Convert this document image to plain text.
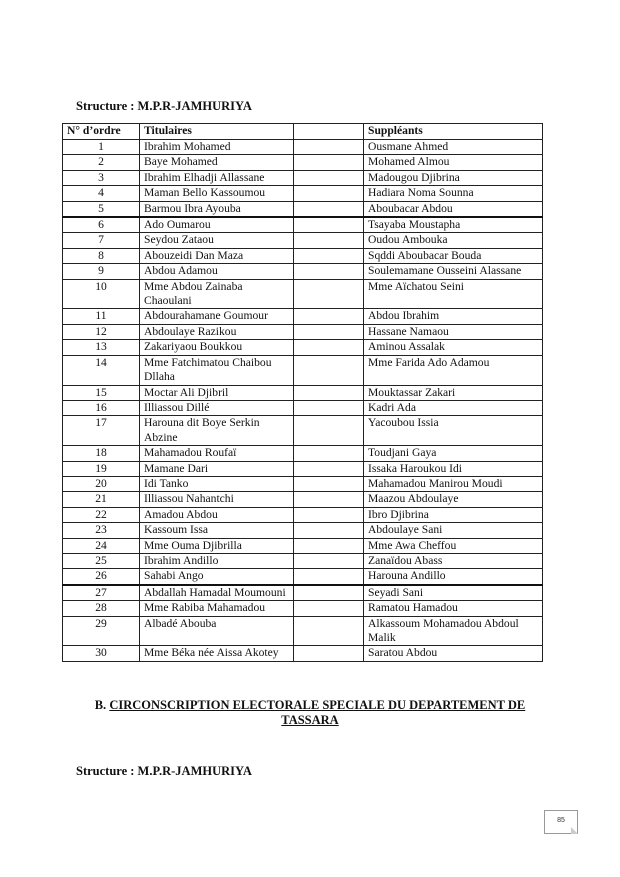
Structure : M.P.R-JAMHURIYA
N° d’ordre	Titulaires		Suppléants
1	Ibrahim Mohamed		Ousmane Ahmed
2	Baye Mohamed		Mohamed Almou
3	Ibrahim Elhadji Allassane		Madougou Djibrina
4	Maman Bello Kassoumou		Hadiara Noma Sounna
5	Barmou Ibra Ayouba		Aboubacar Abdou
6	Ado Oumarou		Tsayaba Moustapha
7	Seydou Zataou		Oudou Ambouka
8	Abouzeidi Dan Maza		Sqddi Aboubacar Bouda
9	Abdou Adamou		Soulemamane Ousseini Alassane
10	Mme Abdou Zainaba Chaoulani		Mme Aïchatou Seini
11	Abdourahamane Goumour		Abdou Ibrahim
12	Abdoulaye Razikou		Hassane Namaou
13	Zakariyaou Boukkou		Aminou Assalak
14	Mme Fatchimatou Chaibou Dllaha		Mme Farida Ado Adamou
15	Moctar Ali Djibril		Mouktassar Zakari
16	Illiassou Dillé		Kadri Ada
17	Harouna dit Boye Serkin Abzine		Yacoubou Issia
18	Mahamadou Roufaï		Toudjani Gaya
19	Mamane Dari		Issaka Haroukou Idi
20	Idi Tanko		Mahamadou Manirou Moudi
21	Illiassou Nahantchi		Maazou Abdoulaye
22	Amadou Abdou		Ibro Djibrina
23	Kassoum Issa		Abdoulaye Sani
24	Mme Ouma Djibrilla		Mme Awa Cheffou
25	Ibrahim Andillo		Zanaïdou Abass
26	Sahabi Ango		Harouna Andillo
27	Abdallah Hamadal Moumouni		Seyadi Sani
28	Mme Rabiba Mahamadou		Ramatou Hamadou
29	Albadé Abouba		Alkassoum Mohamadou Abdoul Malik
30	Mme Béka née Aissa Akotey		Saratou Abdou
B. CIRCONSCRIPTION ELECTORALE SPECIALE DU DEPARTEMENT DE TASSARA
Structure : M.P.R-JAMHURIYA
85
